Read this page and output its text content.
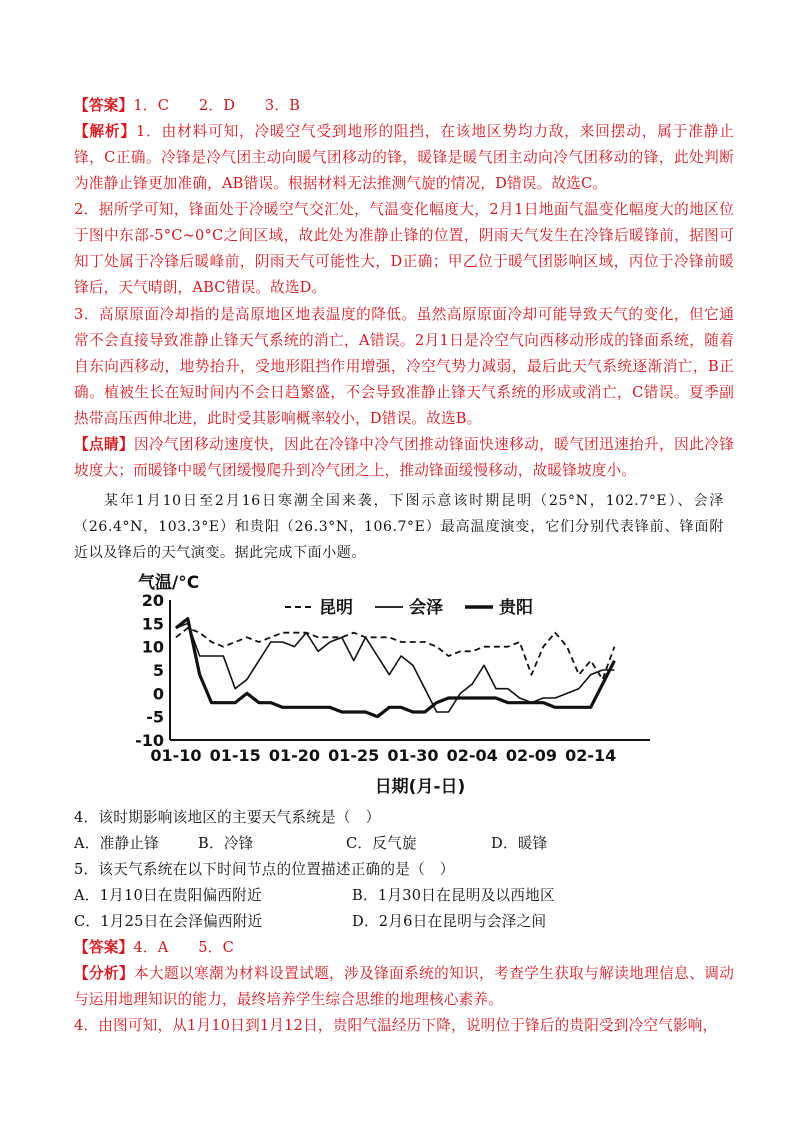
【答案】1．C　　2．D　　3．B
【解析】1．由材料可知，冷暖空气受到地形的阻挡，在该地区势均力敌，来回摆动，属于准静止锋，C正确。冷锋是冷气团主动向暖气团移动的锋，暖锋是暖气团主动向冷气团移动的锋，此处判断为准静止锋更加准确，AB错误。根据材料无法推测气旋的情况，D错误。故选C。
2．据所学可知，锋面处于冷暖空气交汇处，气温变化幅度大，2月1日地面气温变化幅度大的地区位于图中东部-5°C~0°C之间区域，故此处为准静止锋的位置，阴雨天气发生在冷锋后暖锋前，据图可知丁处属于冷锋后暖峰前，阴雨天气可能性大，D正确；甲乙位于暖气团影响区域，丙位于冷锋前暖锋后，天气晴朗，ABC错误。故选D。
3．高原原面冷却指的是高原地区地表温度的降低。虽然高原原面冷却可能导致天气的变化，但它通常不会直接导致准静止锋天气系统的消亡，A错误。2月1日是冷空气向西移动形成的锋面系统，随着自东向西移动，地势抬升，受地形阻挡作用增强，冷空气势力减弱，最后此天气系统逐渐消亡，B正确。植被生长在短时间内不会日趋繁盛，不会导致准静止锋天气系统的形成或消亡，C错误。夏季副热带高压西伸北进，此时受其影响概率较小，D错误。故选B。
【点睛】因冷气团移动速度快，因此在冷锋中冷气团推动锋面快速移动，暖气团迅速抬升，因此冷锋坡度大；而暖锋中暖气团缓慢爬升到冷气团之上，推动锋面缓慢移动，故暖锋坡度小。
某年1月10日至2月16日寒潮全国来袭，下图示意该时期昆明（25°N，102.7°E）、会泽（26.4°N，103.3°E）和贵阳（26.3°N，106.7°E）最高温度演变，它们分别代表锋前、锋面附近以及锋后的天气演变。据此完成下面小题。
气温/°C
日期(月-日)
20
15
10
5
0
-5
-10
01-10 01-15 01-20 01-25 01-30 02-04 02-09 02-14
昆明	会泽	贵阳
4．该时期影响该地区的主要天气系统是（　）
A．准静止锋	B．冷锋	C．反气旋	D．暖锋
5．该天气系统在以下时间节点的位置描述正确的是（　）
A．1月10日在贵阳偏西附近	B．1月30日在昆明及以西地区
C．1月25日在会泽偏西附近	D．2月6日在昆明与会泽之间
【答案】4．A　　5．C
【分析】本大题以寒潮为材料设置试题，涉及锋面系统的知识，考查学生获取与解读地理信息、调动与运用地理知识的能力，最终培养学生综合思维的地理核心素养。
4．由图可知，从1月10日到1月12日，贵阳气温经历下降，说明位于锋后的贵阳受到冷空气影响，
